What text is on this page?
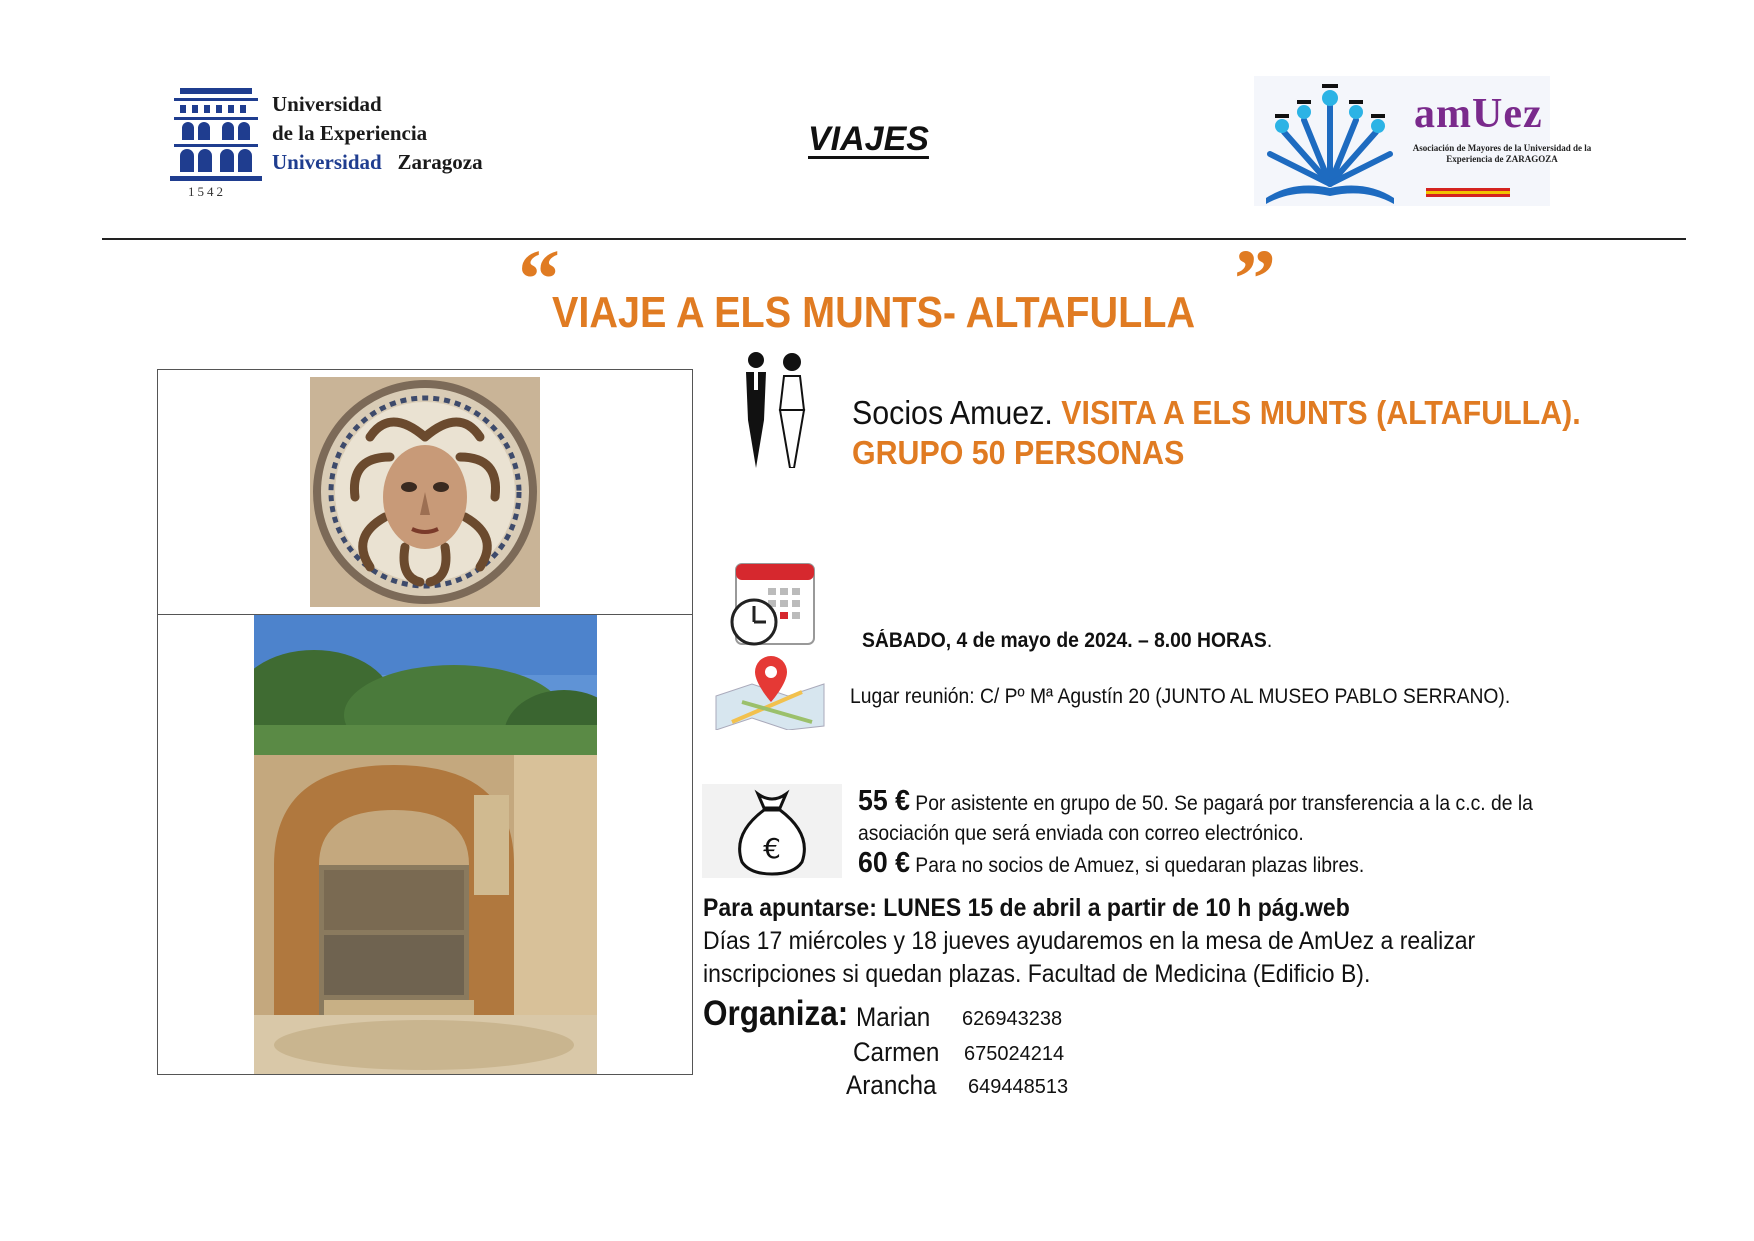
Universidad
de la Experiencia
Universidad Zaragoza
1542
VIAJES
amUez
Asociación de Mayores de la Universidad de la Experiencia de ZARAGOZA
“
VIAJE A ELS MUNTS- ALTAFULLA ”
Socios Amuez. VISITA A ELS MUNTS (ALTAFULLA).
GRUPO 50 PERSONAS
SÁBADO, 4 de mayo de 2024. – 8.00 HORAS.
Lugar reunión: C/ Pº Mª Agustín 20 (JUNTO AL MUSEO PABLO SERRANO).
€
55 € Por asistente en grupo de 50. Se pagará por transferencia a la c.c. de la asociación que será enviada con correo electrónico.
60 € Para no socios de Amuez, si quedaran plazas libres.
Para apuntarse: LUNES 15 de abril a partir de 10 h pág.web
Días 17 miércoles y 18 jueves ayudaremos en la mesa de AmUez a realizar inscripciones si quedan plazas. Facultad de Medicina (Edificio B).
Organiza: Marian 626943238
Carmen 675024214
Arancha 649448513
